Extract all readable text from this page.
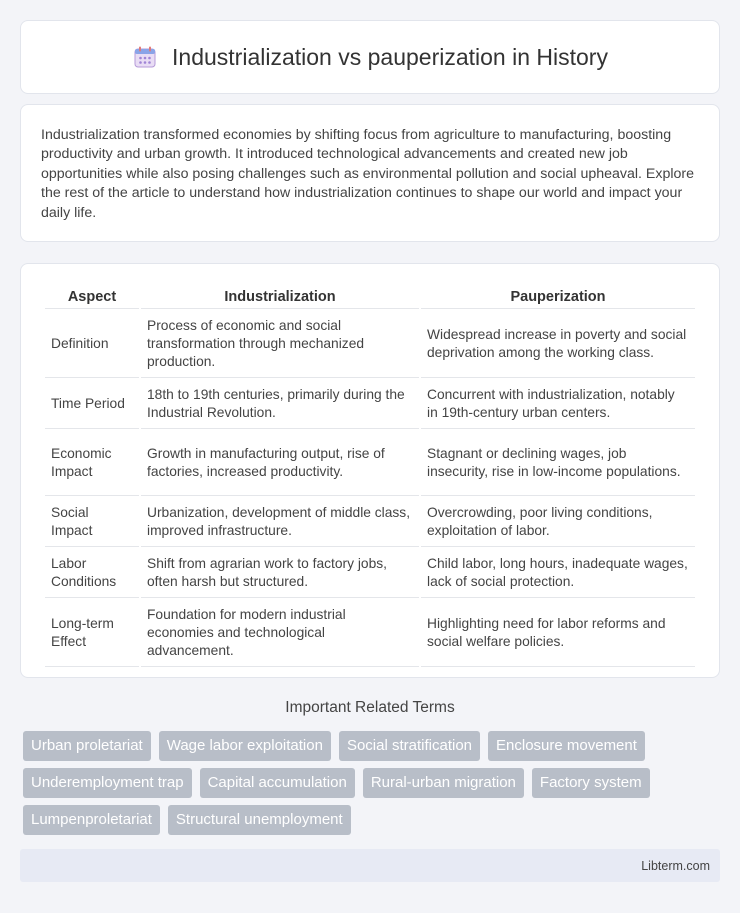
Industrialization vs pauperization in History

Industrialization transformed economies by shifting focus from agriculture to manufacturing, boosting productivity and urban growth. It introduced technological advancements and created new job opportunities while also posing challenges such as environmental pollution and social upheaval. Explore the rest of the article to understand how industrialization continues to shape our world and impact your daily life.

Aspect	Industrialization	Pauperization
Definition	Process of economic and social transformation through mechanized production.	Widespread increase in poverty and social deprivation among the working class.
Time Period	18th to 19th centuries, primarily during the Industrial Revolution.	Concurrent with industrialization, notably in 19th-century urban centers.
Economic Impact	Growth in manufacturing output, rise of factories, increased productivity.	Stagnant or declining wages, job insecurity, rise in low-income populations.
Social Impact	Urbanization, development of middle class, improved infrastructure.	Overcrowding, poor living conditions, exploitation of labor.
Labor Conditions	Shift from agrarian work to factory jobs, often harsh but structured.	Child labor, long hours, inadequate wages, lack of social protection.
Long-term Effect	Foundation for modern industrial economies and technological advancement.	Highlighting need for labor reforms and social welfare policies.
Important Related Terms
Urban proletariat	Wage labor exploitation	Social stratification	Enclosure movement
Underemployment trap	Capital accumulation	Rural-urban migration	Factory system
Lumpenproletariat	Structural unemployment
Libterm.com
